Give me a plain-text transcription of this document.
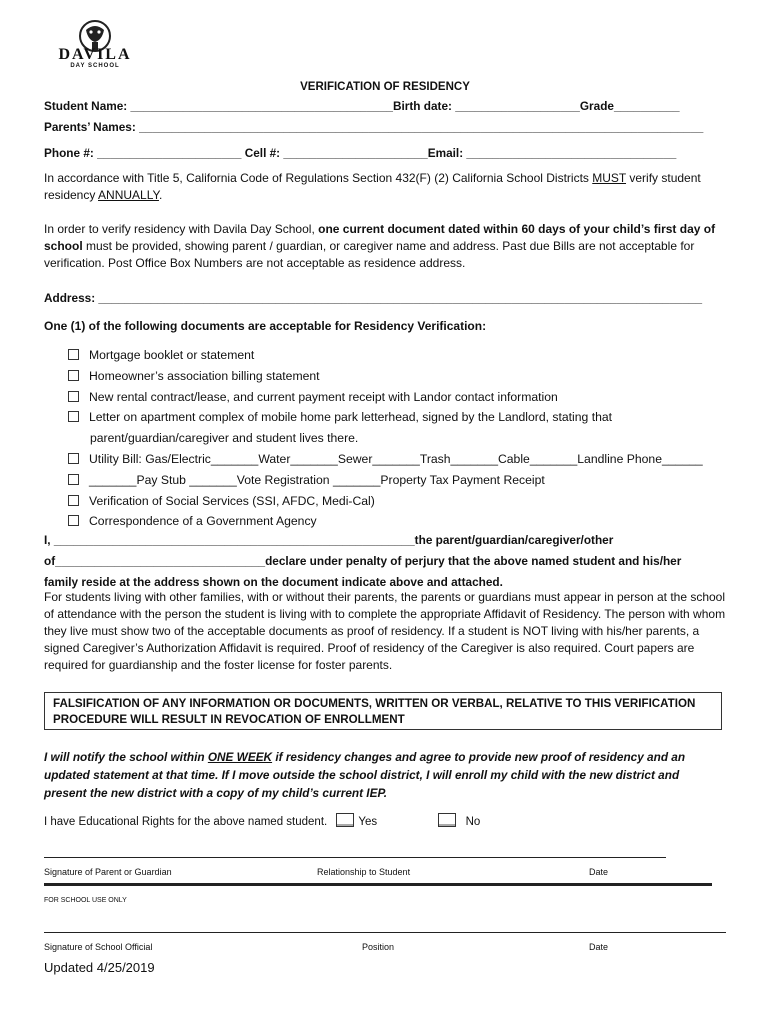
DAVILA
DAY SCHOOL
VERIFICATION OF RESIDENCY
Student Name: ________________________________________Birth date: ___________________Grade__________
Parents’ Names: ______________________________________________________________________________________
Phone #: ______________________ Cell #: ______________________Email: ________________________________
In accordance with Title 5, California Code of Regulations Section 432(F) (2) California School Districts MUST verify student residency ANNUALLY.
In order to verify residency with Davila Day School, one current document dated within 60 days of your child’s first day of school must be provided, showing parent / guardian, or caregiver name and address. Past due Bills are not acceptable for verification. Post Office Box Numbers are not acceptable as residence address.
Address: ____________________________________________________________________________________________
One (1) of the following documents are acceptable for Residency Verification:
Mortgage booklet or statement
Homeowner’s association billing statement
New rental contract/lease, and current payment receipt with Landor contact information
Letter on apartment complex of mobile home park letterhead, signed by the Landlord, stating that
parent/guardian/caregiver and student lives there.
Utility Bill: Gas/Electric_______Water_______Sewer_______Trash_______Cable_______Landline Phone______
_______Pay Stub _______Vote Registration _______Property Tax Payment Receipt
Verification of Social Services (SSI, AFDC, Medi-Cal)
Correspondence of a Government Agency
I, _______________________________________________________the parent/guardian/caregiver/other
of________________________________declare under penalty of perjury that the above named student and his/her
family reside at the address shown on the document indicate above and attached.
For students living with other families, with or without their parents, the parents or guardians must appear in person at the school of attendance with the person the student is living with to complete the appropriate Affidavit of Residency. The person with whom they live must show two of the acceptable documents as proof of residency. If a student is NOT living with his/her parents, a signed Caregiver’s Authorization Affidavit is required. Proof of residency of the Caregiver is also required. Court papers are required for guardianship and the foster license for foster parents.
FALSIFICATION OF ANY INFORMATION OR DOCUMENTS, WRITTEN OR VERBAL, RELATIVE TO THIS VERIFICATION PROCEDURE WILL RESULT IN REVOCATION OF ENROLLMENT
I will notify the school within ONE WEEK if residency changes and agree to provide new proof of residency and an updated statement at that time. If I move outside the school district, I will enroll my child with the new district and present the new district with a copy of my child’s current IEP.
I have Educational Rights for the above named student.	Yes	No
Signature of Parent or Guardian	Relationship to Student	Date
FOR SCHOOL USE ONLY
Signature of School Official	Position	Date
Updated 4/25/2019
